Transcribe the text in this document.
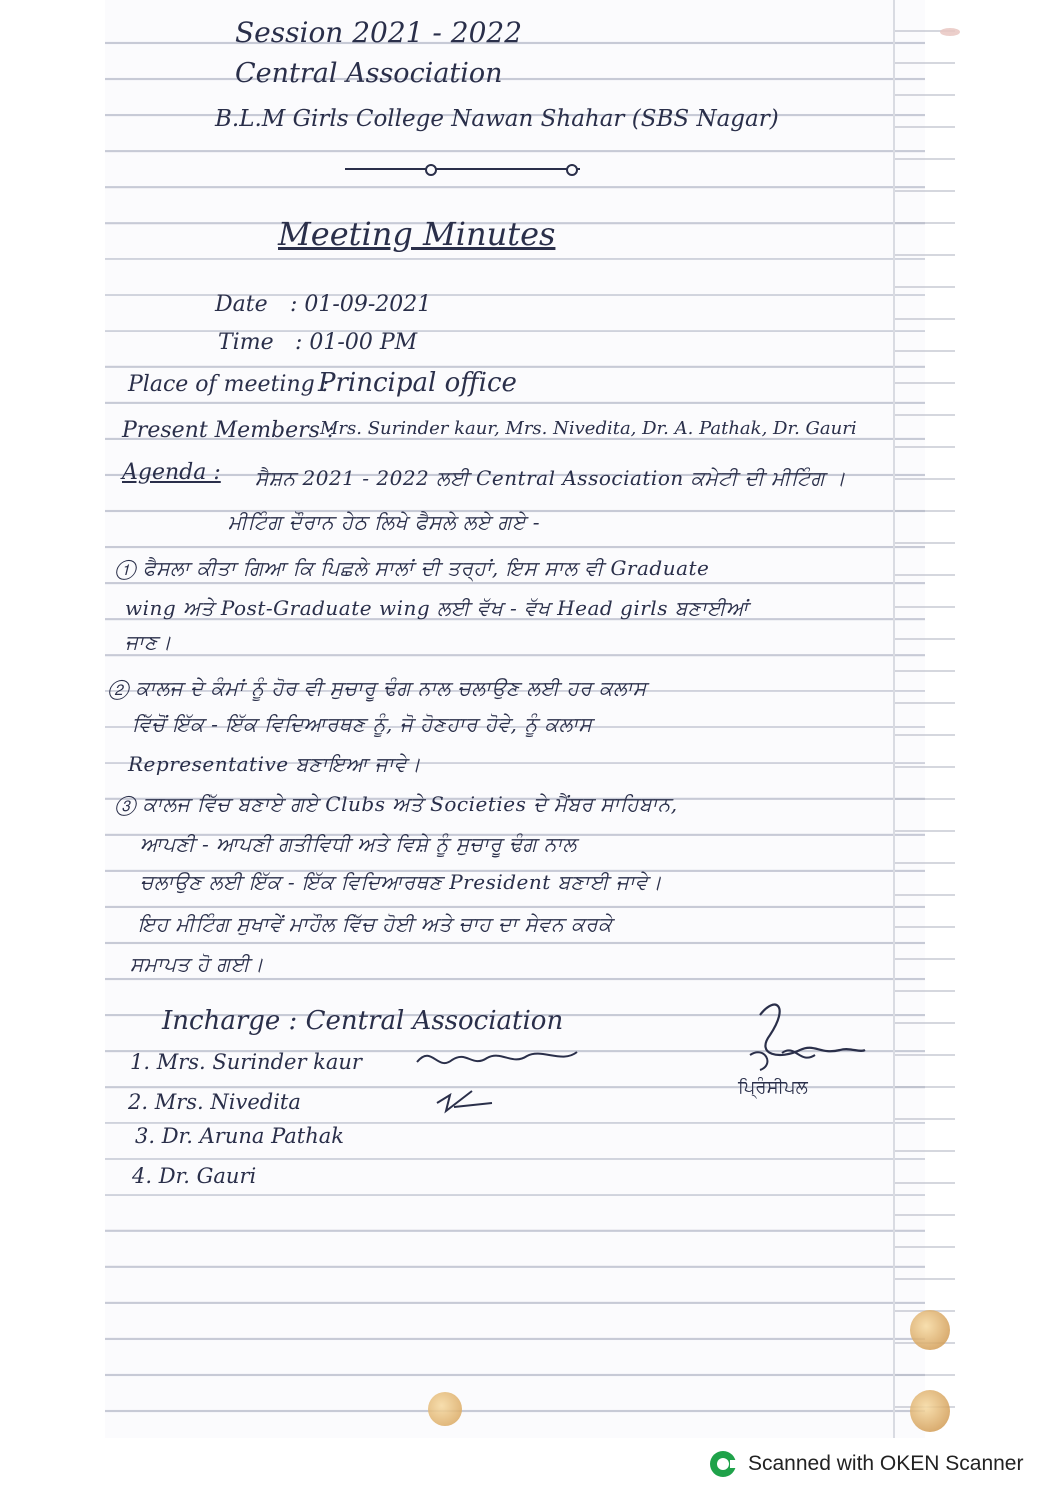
Session 2021 - 2022
Central Association
B.L.M Girls College Nawan Shahar (SBS Nagar)
Meeting Minutes
Date : 01-09-2021
Time : 01-00 PM
Place of meeting :
Principal office
Present Members :
Mrs. Surinder kaur, Mrs. Nivedita, Dr. A. Pathak, Dr. Gauri
Agenda : ਸੈਸ਼ਨ 2021 - 2022 ਲਈ Central Association ਕਮੇਟੀ ਦੀ ਮੀਟਿੰਗ ।
ਮੀਟਿੰਗ ਦੌਰਾਨ ਹੇਠ ਲਿਖੇ ਫੈਸਲੇ ਲਏ ਗਏ -
① ਫੈਸਲਾ ਕੀਤਾ ਗਿਆ ਕਿ ਪਿਛਲੇ ਸਾਲਾਂ ਦੀ ਤਰ੍ਹਾਂ, ਇਸ ਸਾਲ ਵੀ Graduate
wing ਅਤੇ Post-Graduate wing ਲਈ ਵੱਖ - ਵੱਖ Head girls ਬਣਾਈਆਂ
ਜਾਣ।
② ਕਾਲਜ ਦੇ ਕੰਮਾਂ ਨੂੰ ਹੋਰ ਵੀ ਸੁਚਾਰੂ ਢੰਗ ਨਾਲ ਚਲਾਉਣ ਲਈ ਹਰ ਕਲਾਸ
ਵਿੱਚੋਂ ਇੱਕ - ਇੱਕ ਵਿਦਿਆਰਥਣ ਨੂੰ, ਜੋ ਹੋਣਹਾਰ ਹੋਵੇ, ਨੂੰ ਕਲਾਸ
Representative ਬਣਾਇਆ ਜਾਵੇ।
③ ਕਾਲਜ ਵਿੱਚ ਬਣਾਏ ਗਏ Clubs ਅਤੇ Societies ਦੇ ਮੈਂਬਰ ਸਾਹਿਬਾਨ,
ਆਪਣੀ - ਆਪਣੀ ਗਤੀਵਿਧੀ ਅਤੇ ਵਿਸ਼ੇ ਨੂੰ ਸੁਚਾਰੂ ਢੰਗ ਨਾਲ
ਚਲਾਉਣ ਲਈ ਇੱਕ - ਇੱਕ ਵਿਦਿਆਰਥਣ President ਬਣਾਈ ਜਾਵੇ।
ਇਹ ਮੀਟਿੰਗ ਸੁਖਾਵੇਂ ਮਾਹੌਲ ਵਿੱਚ ਹੋਈ ਅਤੇ ਚਾਹ ਦਾ ਸੇਵਨ ਕਰਕੇ
ਸਮਾਪਤ ਹੋ ਗਈ।
Incharge : Central Association
1. Mrs. Surinder kaur
2. Mrs. Nivedita
3. Dr. Aruna Pathak
4. Dr. Gauri
ਪ੍ਰਿੰਸੀਪਲ
Scanned with OKEN Scanner
